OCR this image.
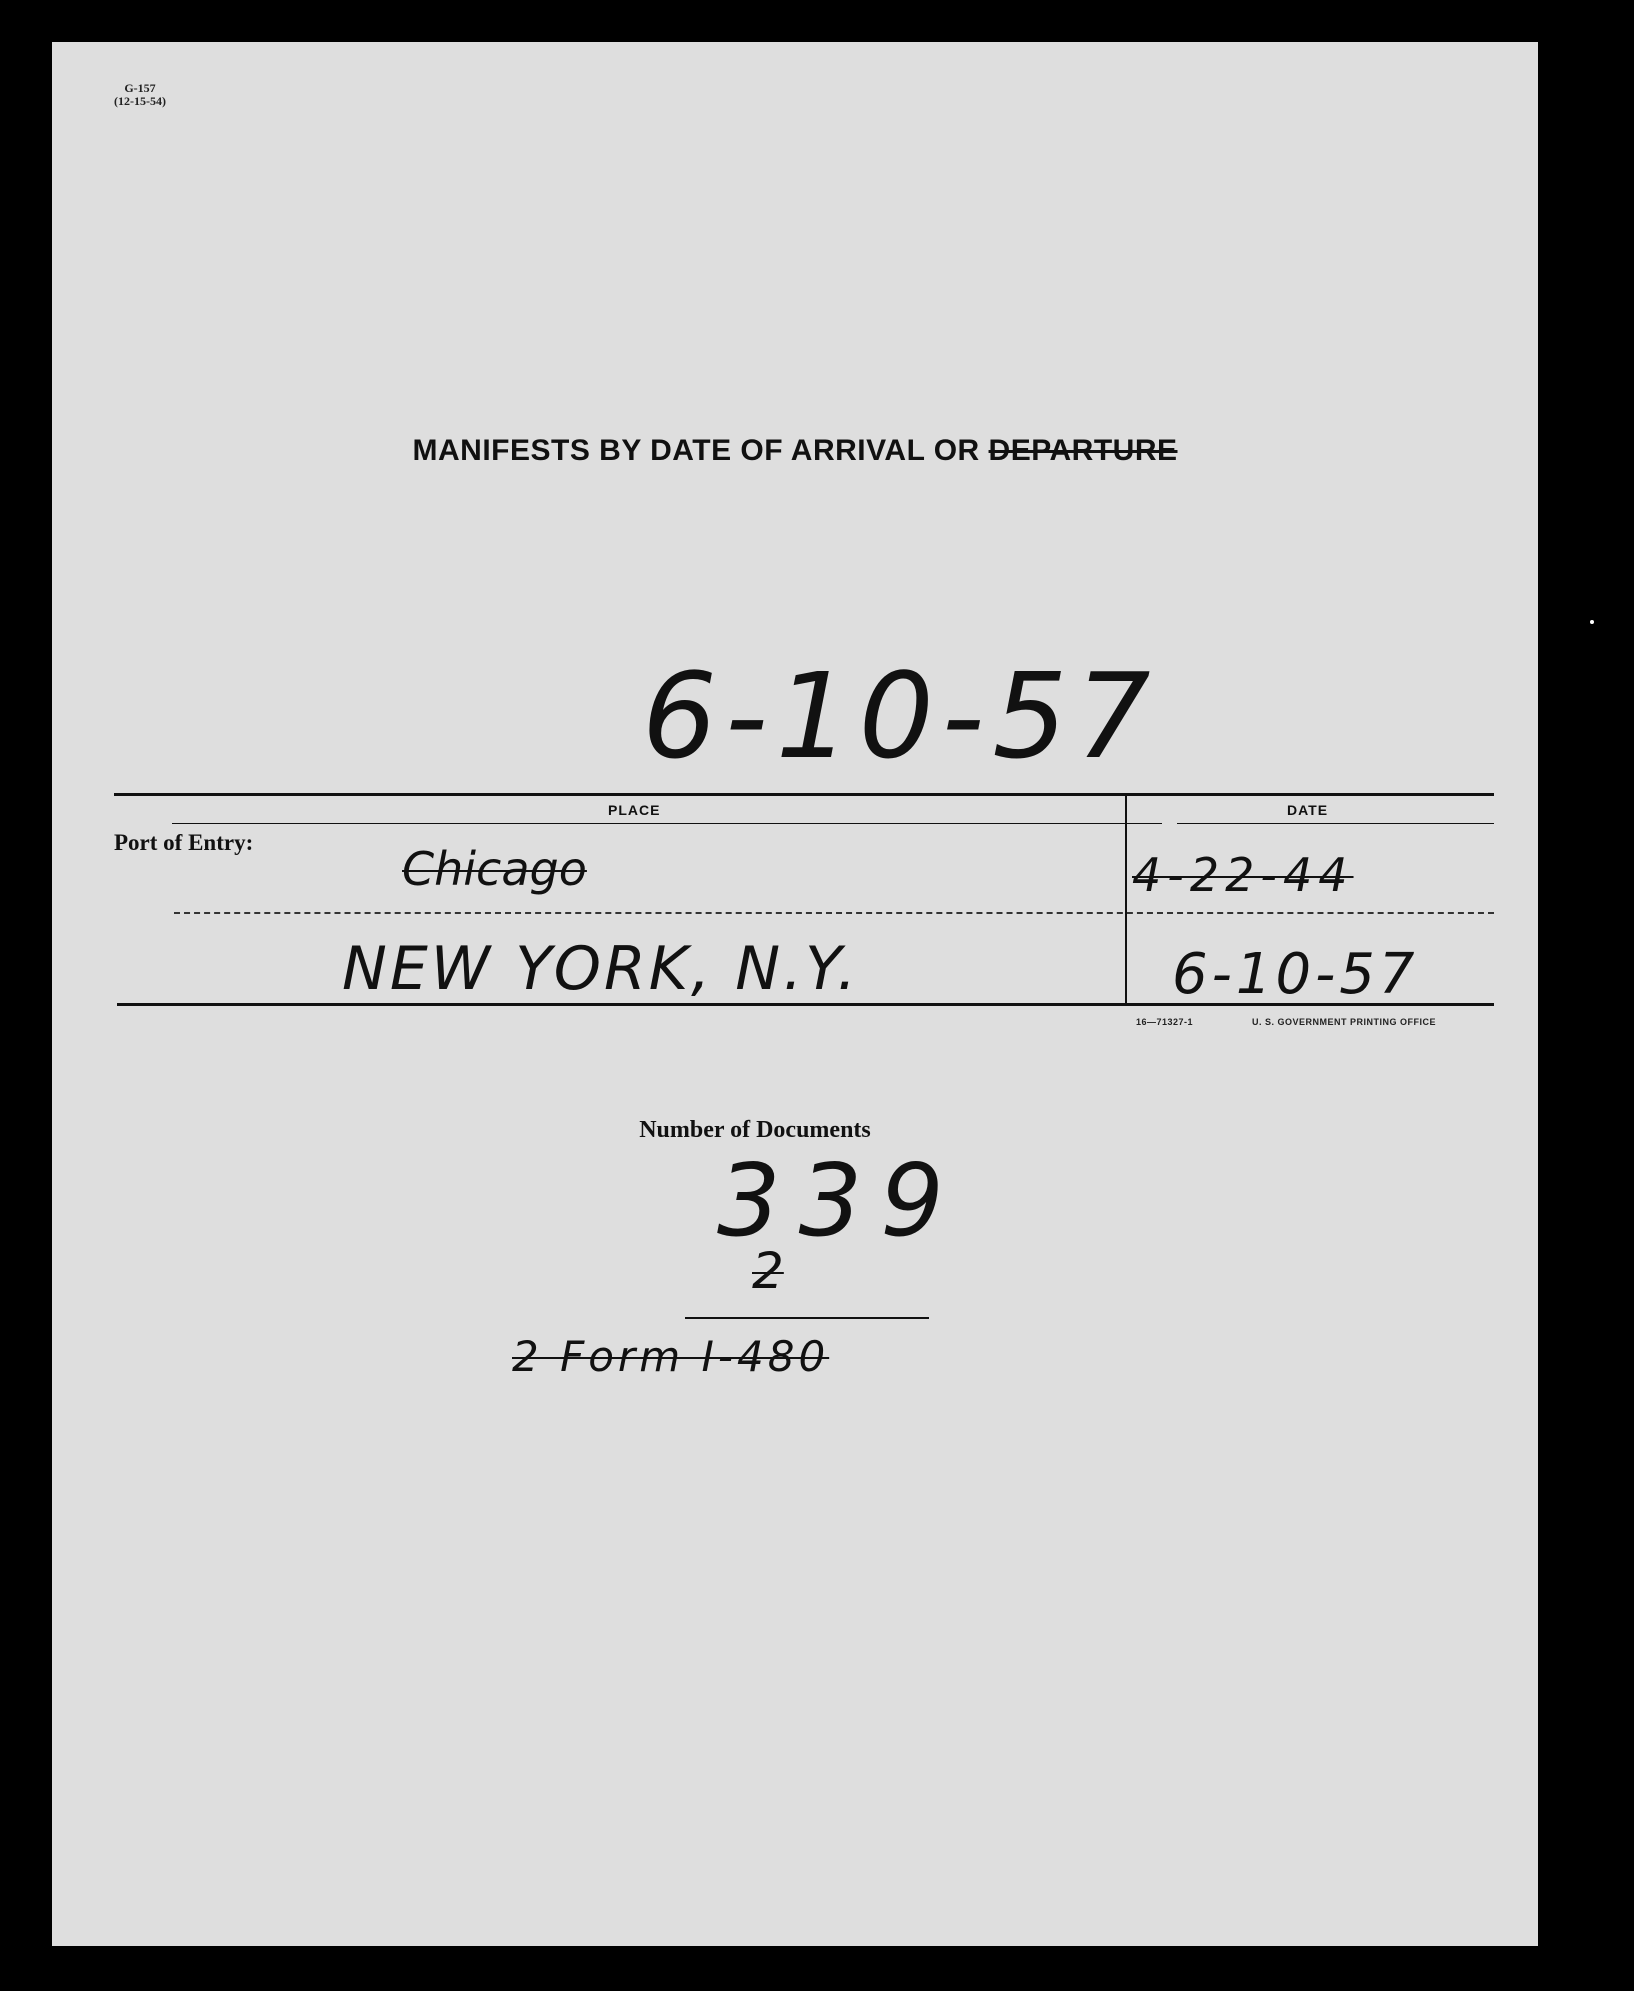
G-157
(12-15-54)
MANIFESTS BY DATE OF ARRIVAL OR DEPARTURE
6-10-57
PLACE	DATE
Port of Entry:	Chicago	4-22-44
NEW YORK, N.Y.	6-10-57
16—71327-1	U. S. GOVERNMENT PRINTING OFFICE
Number of Documents
339
2
2 Form I-480
